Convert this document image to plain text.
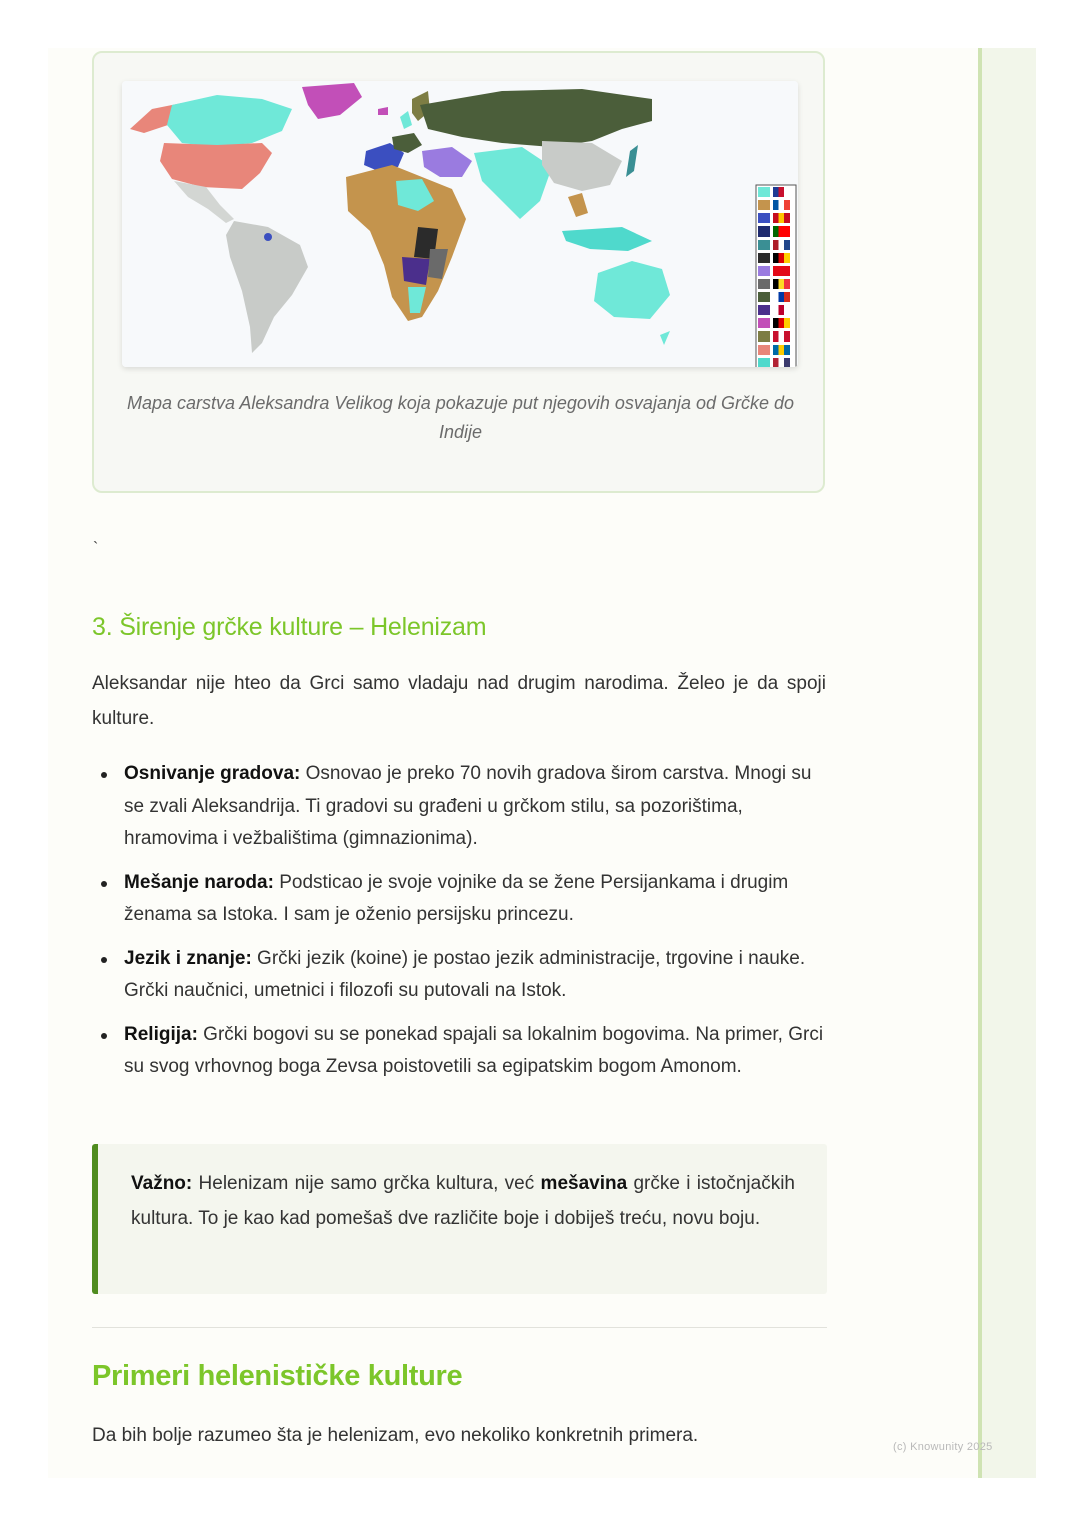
Mapa carstva Aleksandra Velikog koja pokazuje put njegovih osvajanja od Grčke do Indije
`
3. Širenje grčke kulture – Helenizam

Aleksandar nije hteo da Grci samo vladaju nad drugim narodima. Želeo je da spoji kulture.

Osnivanje gradova: Osnovao je preko 70 novih gradova širom carstva. Mnogi su se zvali Aleksandrija. Ti gradovi su građeni u grčkom stilu, sa pozorištima, hramovima i vežbalištima (gimnazionima).
Mešanje naroda: Podsticao je svoje vojnike da se žene Persijankama i drugim ženama sa Istoka. I sam je oženio persijsku princezu.
Jezik i znanje: Grčki jezik (koine) je postao jezik administracije, trgovine i nauke. Grčki naučnici, umetnici i filozofi su putovali na Istok.
Religija: Grčki bogovi su se ponekad spajali sa lokalnim bogovima. Na primer, Grci su svog vrhovnog boga Zevsa poistovetili sa egipatskim bogom Amonom.
Važno: Helenizam nije samo grčka kultura, već mešavina grčke i istočnjačkih kultura. To je kao kad pomešaš dve različite boje i dobiješ treću, novu boju.
Primeri helenističke kulture

Da bih bolje razumeo šta je helenizam, evo nekoliko konkretnih primera.

(c) Knowunity 2025
